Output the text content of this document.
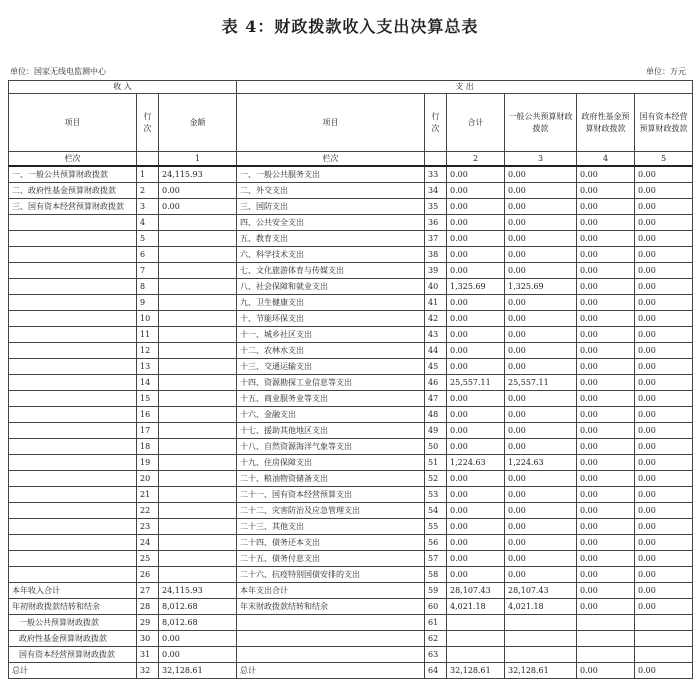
表 4：财政拨款收入支出决算总表
单位：国家无线电监测中心	单位：万元
收 入			支 出					
项目	行次	金额	项目	行次	合计	一般公共预算财政拨款	政府性基金预算财政拨款	国有资本经营预算财政拨款
栏次		1	栏次		2	3	4	5
一、一般公共预算财政拨款	1	24,115.93	一、一般公共服务支出	33	0.00	0.00	0.00	0.00
二、政府性基金预算财政拨款	2	0.00	二、外交支出	34	0.00	0.00	0.00	0.00
三、国有资本经营预算财政拨款	3	0.00	三、国防支出	35	0.00	0.00	0.00	0.00
	4		四、公共安全支出	36	0.00	0.00	0.00	0.00
	5		五、教育支出	37	0.00	0.00	0.00	0.00
	6		六、科学技术支出	38	0.00	0.00	0.00	0.00
	7		七、文化旅游体育与传媒支出	39	0.00	0.00	0.00	0.00
	8		八、社会保障和就业支出	40	1,325.69	1,325.69	0.00	0.00
	9		九、卫生健康支出	41	0.00	0.00	0.00	0.00
	10		十、节能环保支出	42	0.00	0.00	0.00	0.00
	11		十一、城乡社区支出	43	0.00	0.00	0.00	0.00
	12		十二、农林水支出	44	0.00	0.00	0.00	0.00
	13		十三、交通运输支出	45	0.00	0.00	0.00	0.00
	14		十四、资源勘探工业信息等支出	46	25,557.11	25,557.11	0.00	0.00
	15		十五、商业服务业等支出	47	0.00	0.00	0.00	0.00
	16		十六、金融支出	48	0.00	0.00	0.00	0.00
	17		十七、援助其他地区支出	49	0.00	0.00	0.00	0.00
	18		十八、自然资源海洋气象等支出	50	0.00	0.00	0.00	0.00
	19		十九、住房保障支出	51	1,224.63	1,224.63	0.00	0.00
	20		二十、粮油物资储备支出	52	0.00	0.00	0.00	0.00
	21		二十一、国有资本经营预算支出	53	0.00	0.00	0.00	0.00
	22		二十二、灾害防治及应急管理支出	54	0.00	0.00	0.00	0.00
	23		二十三、其他支出	55	0.00	0.00	0.00	0.00
	24		二十四、债务还本支出	56	0.00	0.00	0.00	0.00
	25		二十五、债务付息支出	57	0.00	0.00	0.00	0.00
	26		二十六、抗疫特别国债安排的支出	58	0.00	0.00	0.00	0.00
本年收入合计	27	24,115.93	本年支出合计	59	28,107.43	28,107.43	0.00	0.00
年初财政拨款结转和结余	28	8,012.68	年末财政拨款结转和结余	60	4,021.18	4,021.18	0.00	0.00
一般公共预算财政拨款	29	8,012.68		61				
政府性基金预算财政拨款	30	0.00		62				
国有资本经营预算财政拨款	31	0.00		63				
总计	32	32,128.61	总计	64	32,128.61	32,128.61	0.00	0.00
